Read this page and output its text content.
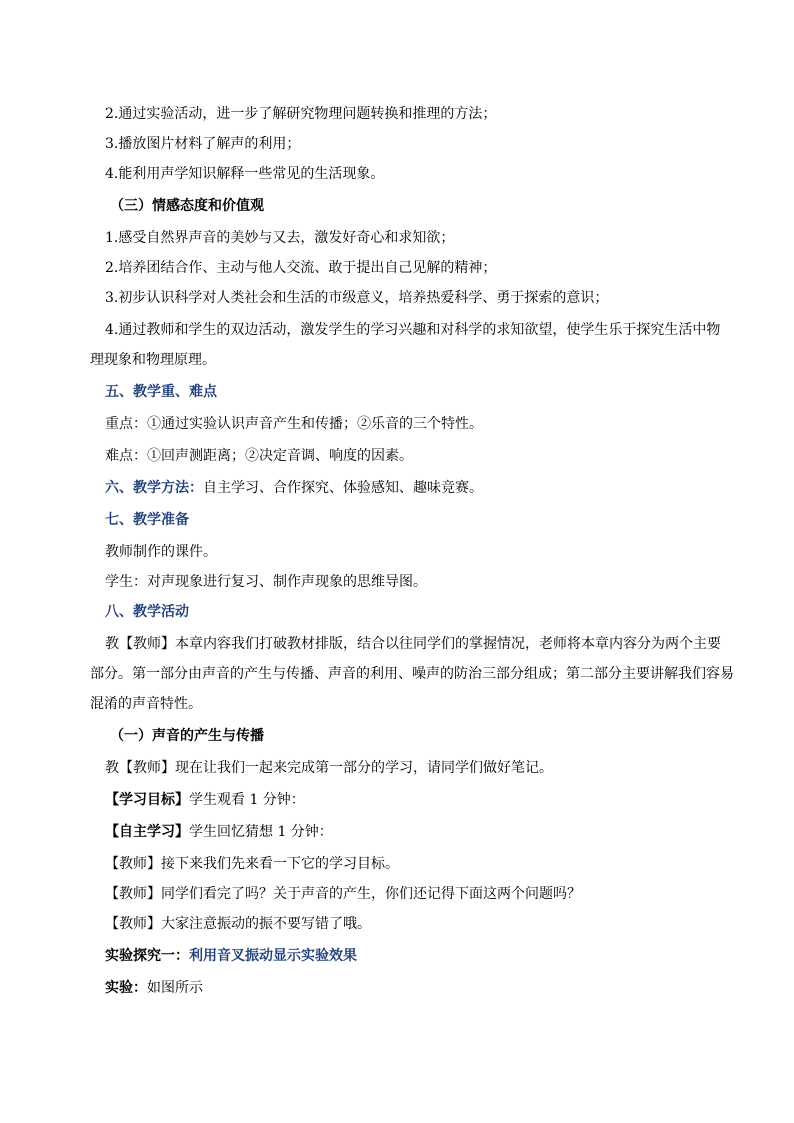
2.通过实验活动，进一步了解研究物理问题转换和推理的方法；
3.播放图片材料了解声的利用；
4.能利用声学知识解释一些常见的生活现象。
（三）情感态度和价值观
1.感受自然界声音的美妙与又去，激发好奇心和求知欲；
2.培养团结合作、主动与他人交流、敢于提出自己见解的精神；
3.初步认识科学对人类社会和生活的市级意义，培养热爱科学、勇于探索的意识；
4.通过教师和学生的双边活动，激发学生的学习兴趣和对科学的求知欲望，使学生乐于探究生活中物
理现象和物理原理。
五、教学重、难点
重点：①通过实验认识声音产生和传播；②乐音的三个特性。
难点：①回声测距离；②决定音调、响度的因素。
六、教学方法：自主学习、合作探究、体验感知、趣味竞赛。
七、教学准备
教师制作的课件。
学生：对声现象进行复习、制作声现象的思维导图。
八、教学活动
教【教师】本章内容我们打破教材排版，结合以往同学们的掌握情况，老师将本章内容分为两个主要
部分。第一部分由声音的产生与传播、声音的利用、噪声的防治三部分组成；第二部分主要讲解我们容易
混淆的声音特性。
（一）声音的产生与传播
教【教师】现在让我们一起来完成第一部分的学习，请同学们做好笔记。
【学习目标】学生观看 1 分钟：
【自主学习】学生回忆猜想 1 分钟：
【教师】接下来我们先来看一下它的学习目标。
【教师】同学们看完了吗？关于声音的产生，你们还记得下面这两个问题吗？
【教师】大家注意振动的振不要写错了哦。
实验探究一：利用音叉振动显示实验效果
实验：如图所示
